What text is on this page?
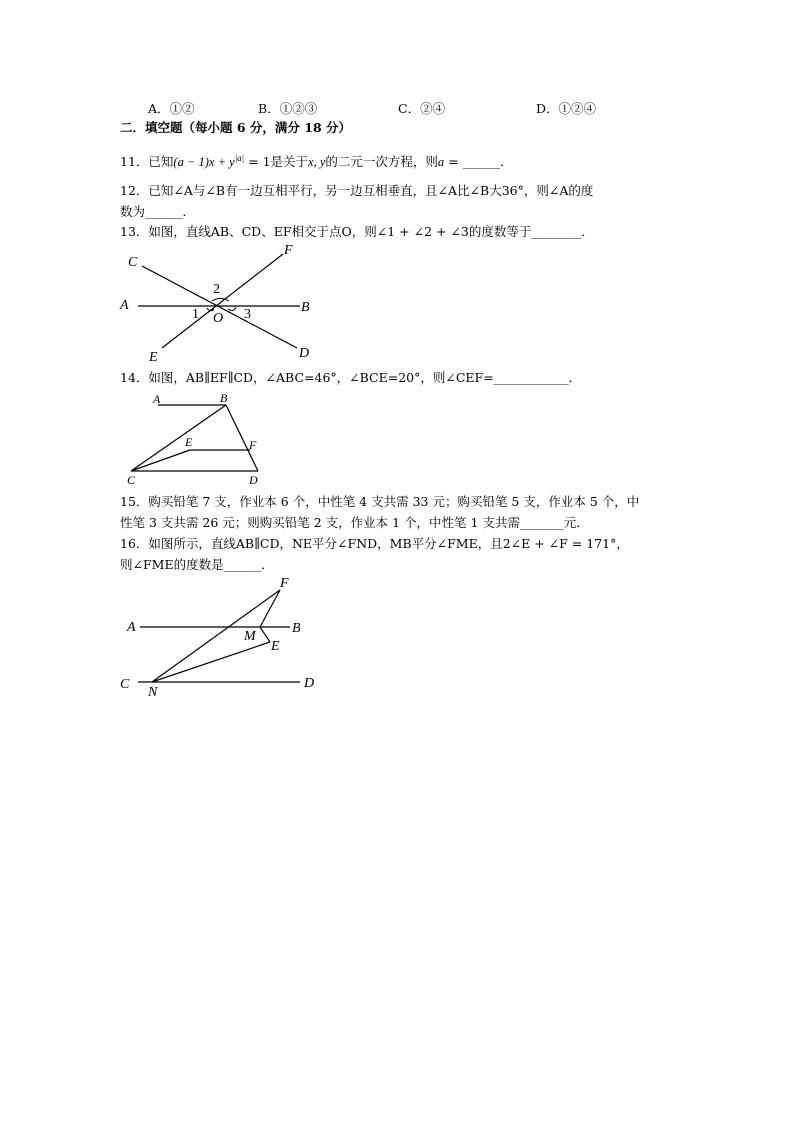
A．①②	B．①②③	C．②④	D．①②④
二．填空题（每小题 6 分，满分 18 分）
11．已知$(a - 1)x + y^{|a|} = 1$是关于x, y的二元一次方程，则a = ______．
12．已知∠A与∠B有一边互相平行，另一边互相垂直，且∠A比∠B大36°，则∠A的度
数为______．
13．如图，直线AB、CD、EF相交于点O，则∠1 + ∠2 + ∠3的度数等于________．
C
F
A	B
E	D
O
1
2
3
14．如图，AB∥EF∥CD，∠ABC=46°，∠BCE=20°，则∠CEF=____________．
A	B
E	F
C	D
15．购买铅笔 7 支，作业本 6 个，中性笔 4 支共需 33 元；购买铅笔 5 支，作业本 5 个，中
性笔 3 支共需 26 元；则购买铅笔 2 支，作业本 1 个，中性笔 1 支共需_______元．
16．如图所示，直线AB∥CD，NE平分∠FND，MB平分∠FME，且2∠E + ∠F = 171°，
则∠FME的度数是______．
F
A	B
M
E
C
N
D
